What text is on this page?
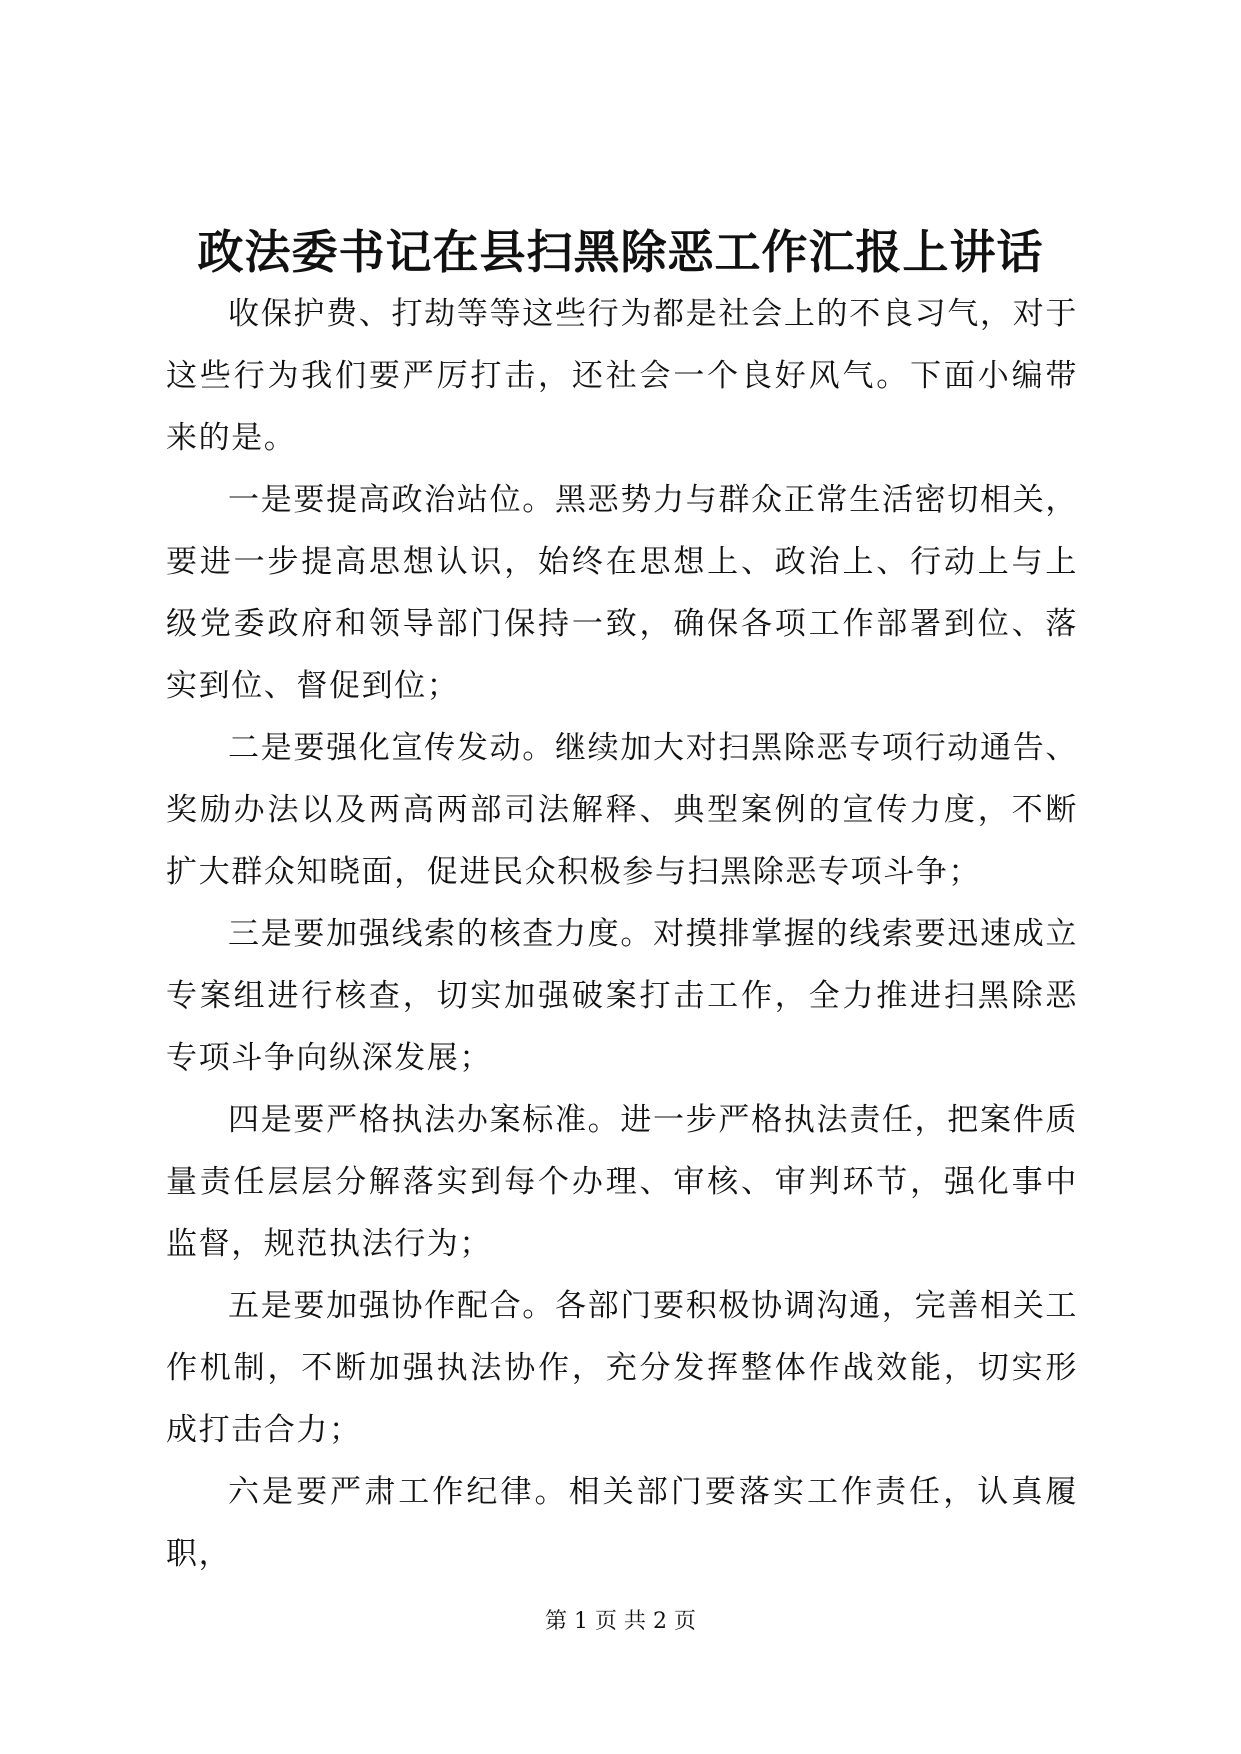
政法委书记在县扫黑除恶工作汇报上讲话

收保护费、打劫等等这些行为都是社会上的不良习气，对于这些行为我们要严厉打击，还社会一个良好风气。下面小编带来的是。

一是要提高政治站位。黑恶势力与群众正常生活密切相关，要进一步提高思想认识，始终在思想上、政治上、行动上与上级党委政府和领导部门保持一致，确保各项工作部署到位、落实到位、督促到位；

二是要强化宣传发动。继续加大对扫黑除恶专项行动通告、奖励办法以及两高两部司法解释、典型案例的宣传力度，不断扩大群众知晓面，促进民众积极参与扫黑除恶专项斗争；

三是要加强线索的核查力度。对摸排掌握的线索要迅速成立专案组进行核查，切实加强破案打击工作，全力推进扫黑除恶专项斗争向纵深发展；

四是要严格执法办案标准。进一步严格执法责任，把案件质量责任层层分解落实到每个办理、审核、审判环节，强化事中监督，规范执法行为；

五是要加强协作配合。各部门要积极协调沟通，完善相关工作机制，不断加强执法协作，充分发挥整体作战效能，切实形成打击合力；

六是要严肃工作纪律。相关部门要落实工作责任，认真履职，

第 1 页 共 2 页
